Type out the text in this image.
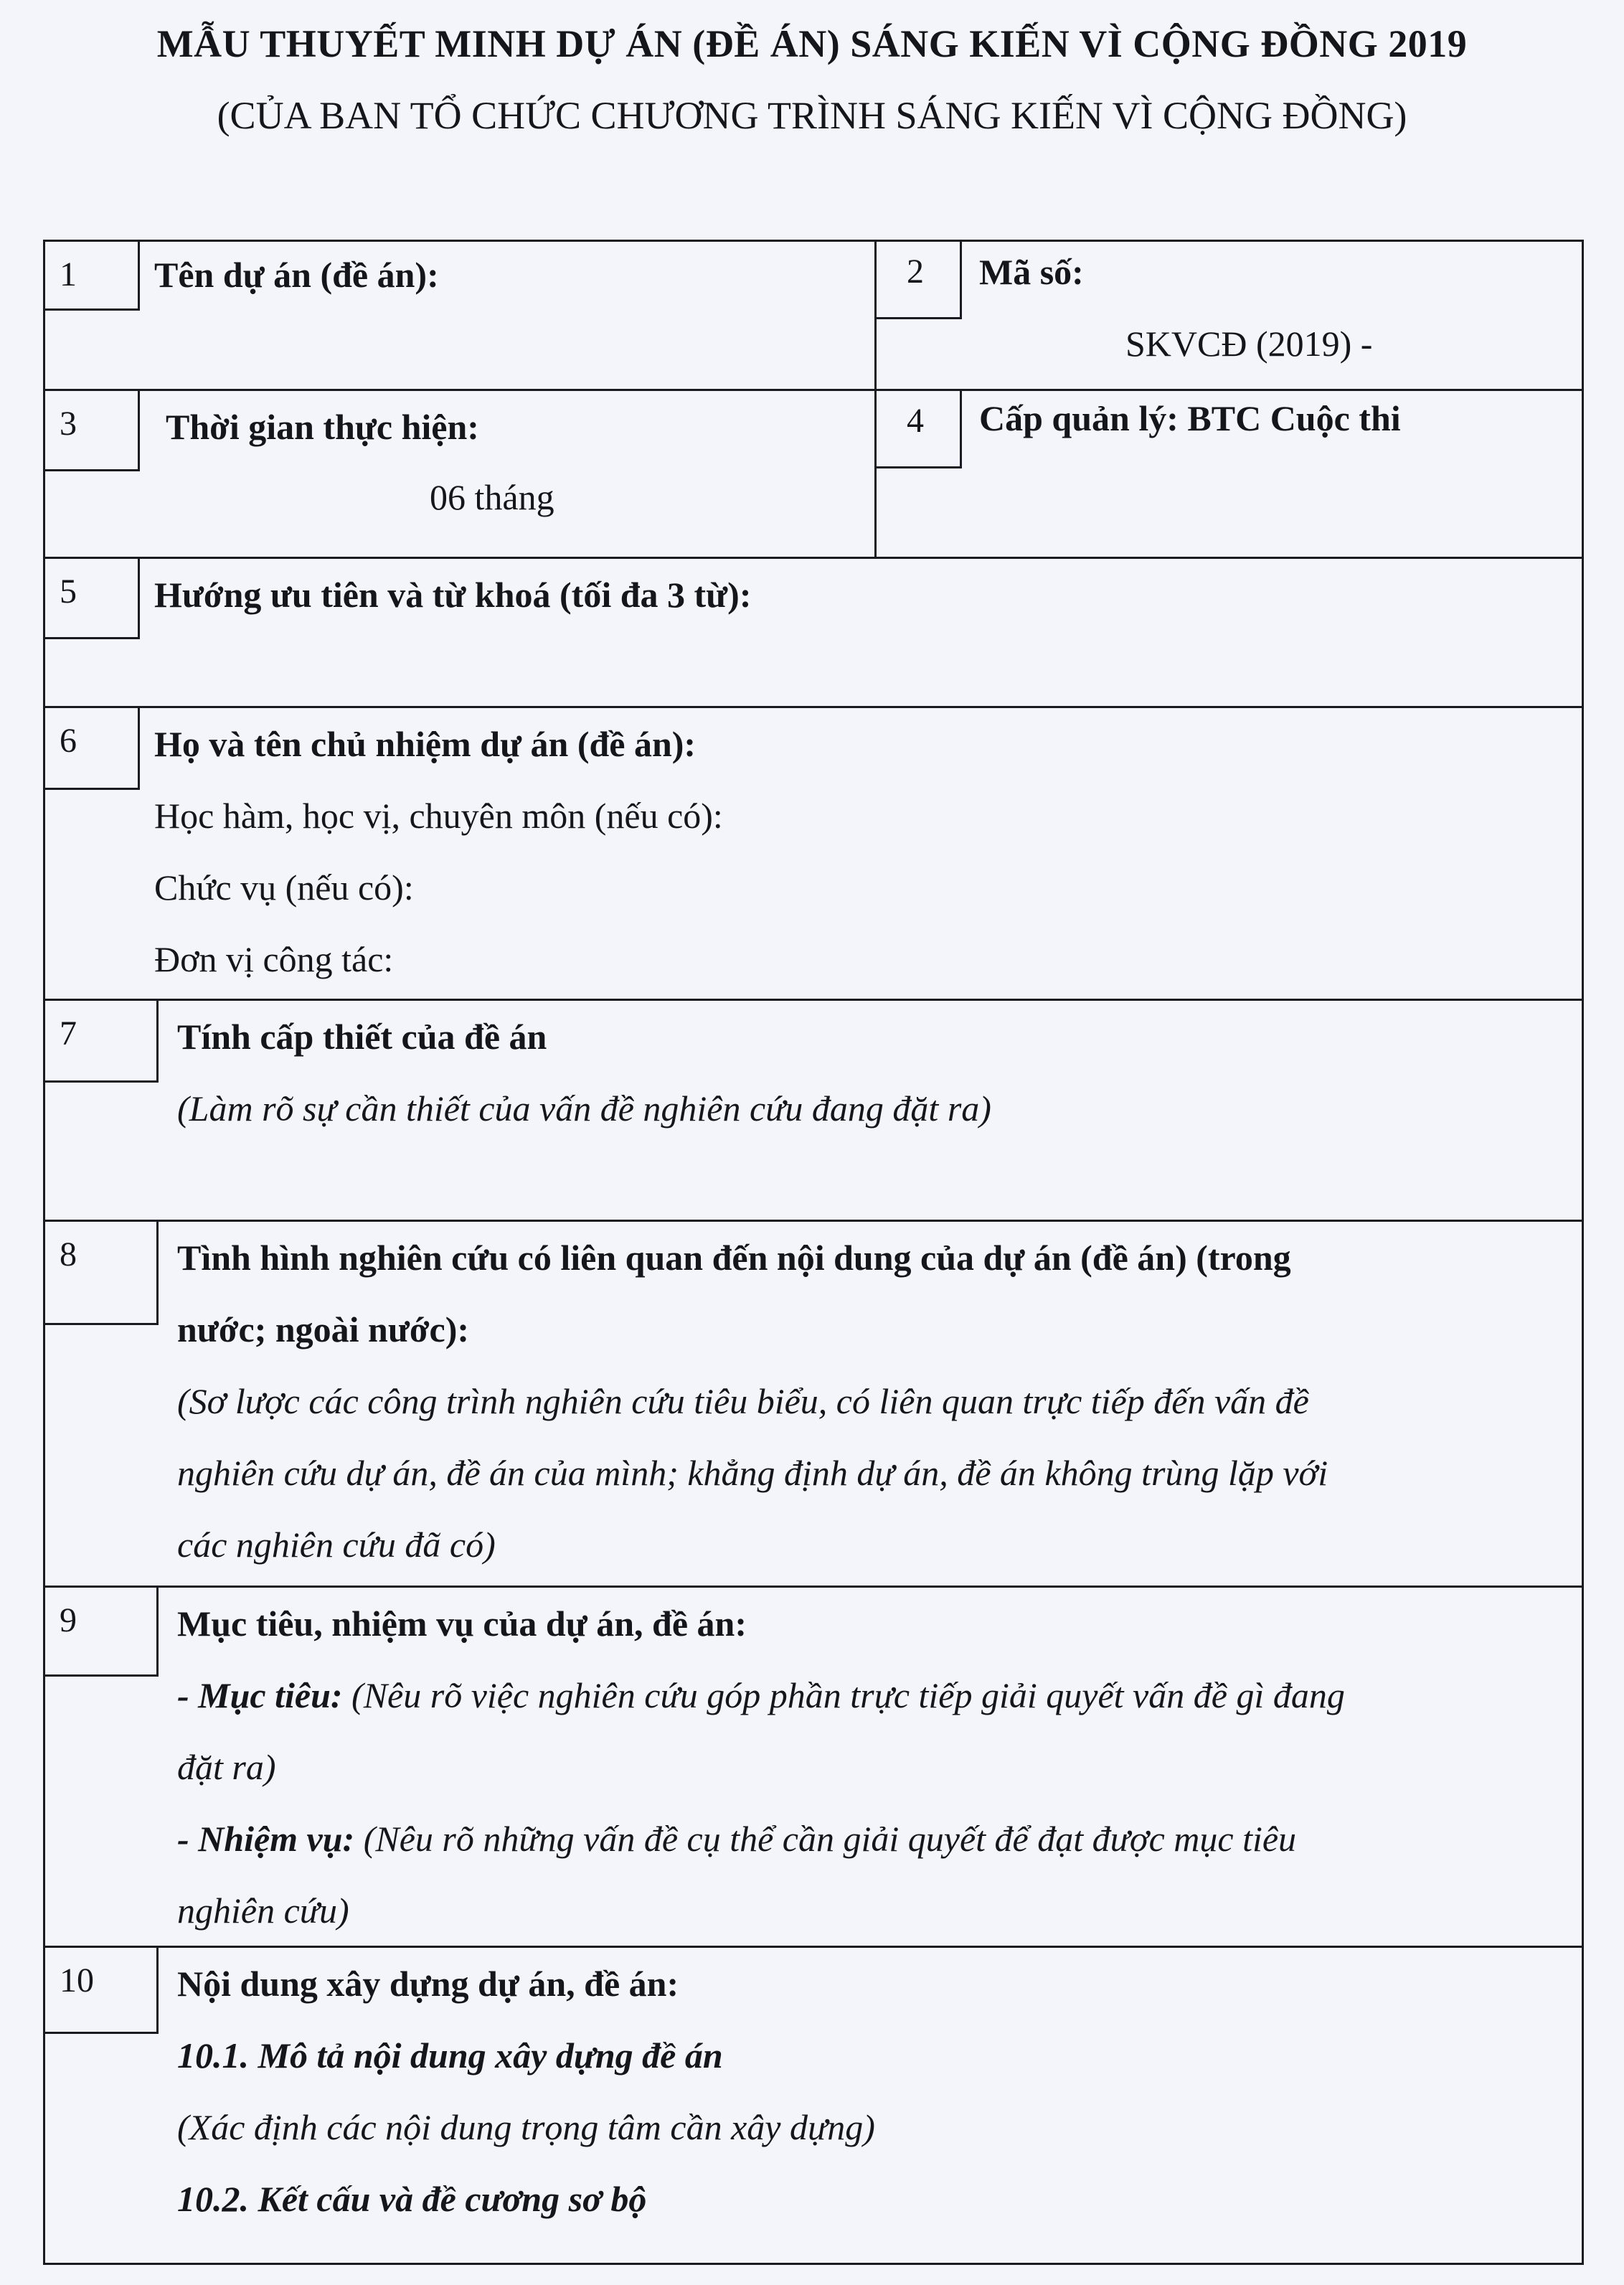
MẪU THUYẾT MINH DỰ ÁN (ĐỀ ÁN) SÁNG KIẾN VÌ CỘNG ĐỒNG 2019
(CỦA BAN TỔ CHỨC CHƯƠNG TRÌNH SÁNG KIẾN VÌ CỘNG ĐỒNG)
1	Tên dự án (đề án):	2	Mã số:
SKVCĐ (2019) -
3	Thời gian thực hiện:
06 tháng
4	Cấp quản lý: BTC Cuộc thi
5	Hướng ưu tiên và từ khoá (tối đa 3 từ):
6	Họ và tên chủ nhiệm dự án (đề án):
Học hàm, học vị, chuyên môn (nếu có):
Chức vụ (nếu có):
Đơn vị công tác:
7	Tính cấp thiết của đề án
(Làm rõ sự cần thiết của vấn đề nghiên cứu đang đặt ra)
8	Tình hình nghiên cứu có liên quan đến nội dung của dự án (đề án) (trong
nước; ngoài nước):
(Sơ lược các công trình nghiên cứu tiêu biểu, có liên quan trực tiếp đến vấn đề
nghiên cứu dự án, đề án của mình; khẳng định dự án, đề án không trùng lặp với
các nghiên cứu đã có)
9	Mục tiêu, nhiệm vụ của dự án, đề án:
- Mục tiêu: (Nêu rõ việc nghiên cứu góp phần trực tiếp giải quyết vấn đề gì đang
đặt ra)
- Nhiệm vụ: (Nêu rõ những vấn đề cụ thể cần giải quyết để đạt được mục tiêu
nghiên cứu)
10	Nội dung xây dựng dự án, đề án:
10.1. Mô tả nội dung xây dựng đề án
(Xác định các nội dung trọng tâm cần xây dựng)
10.2. Kết cấu và đề cương sơ bộ
